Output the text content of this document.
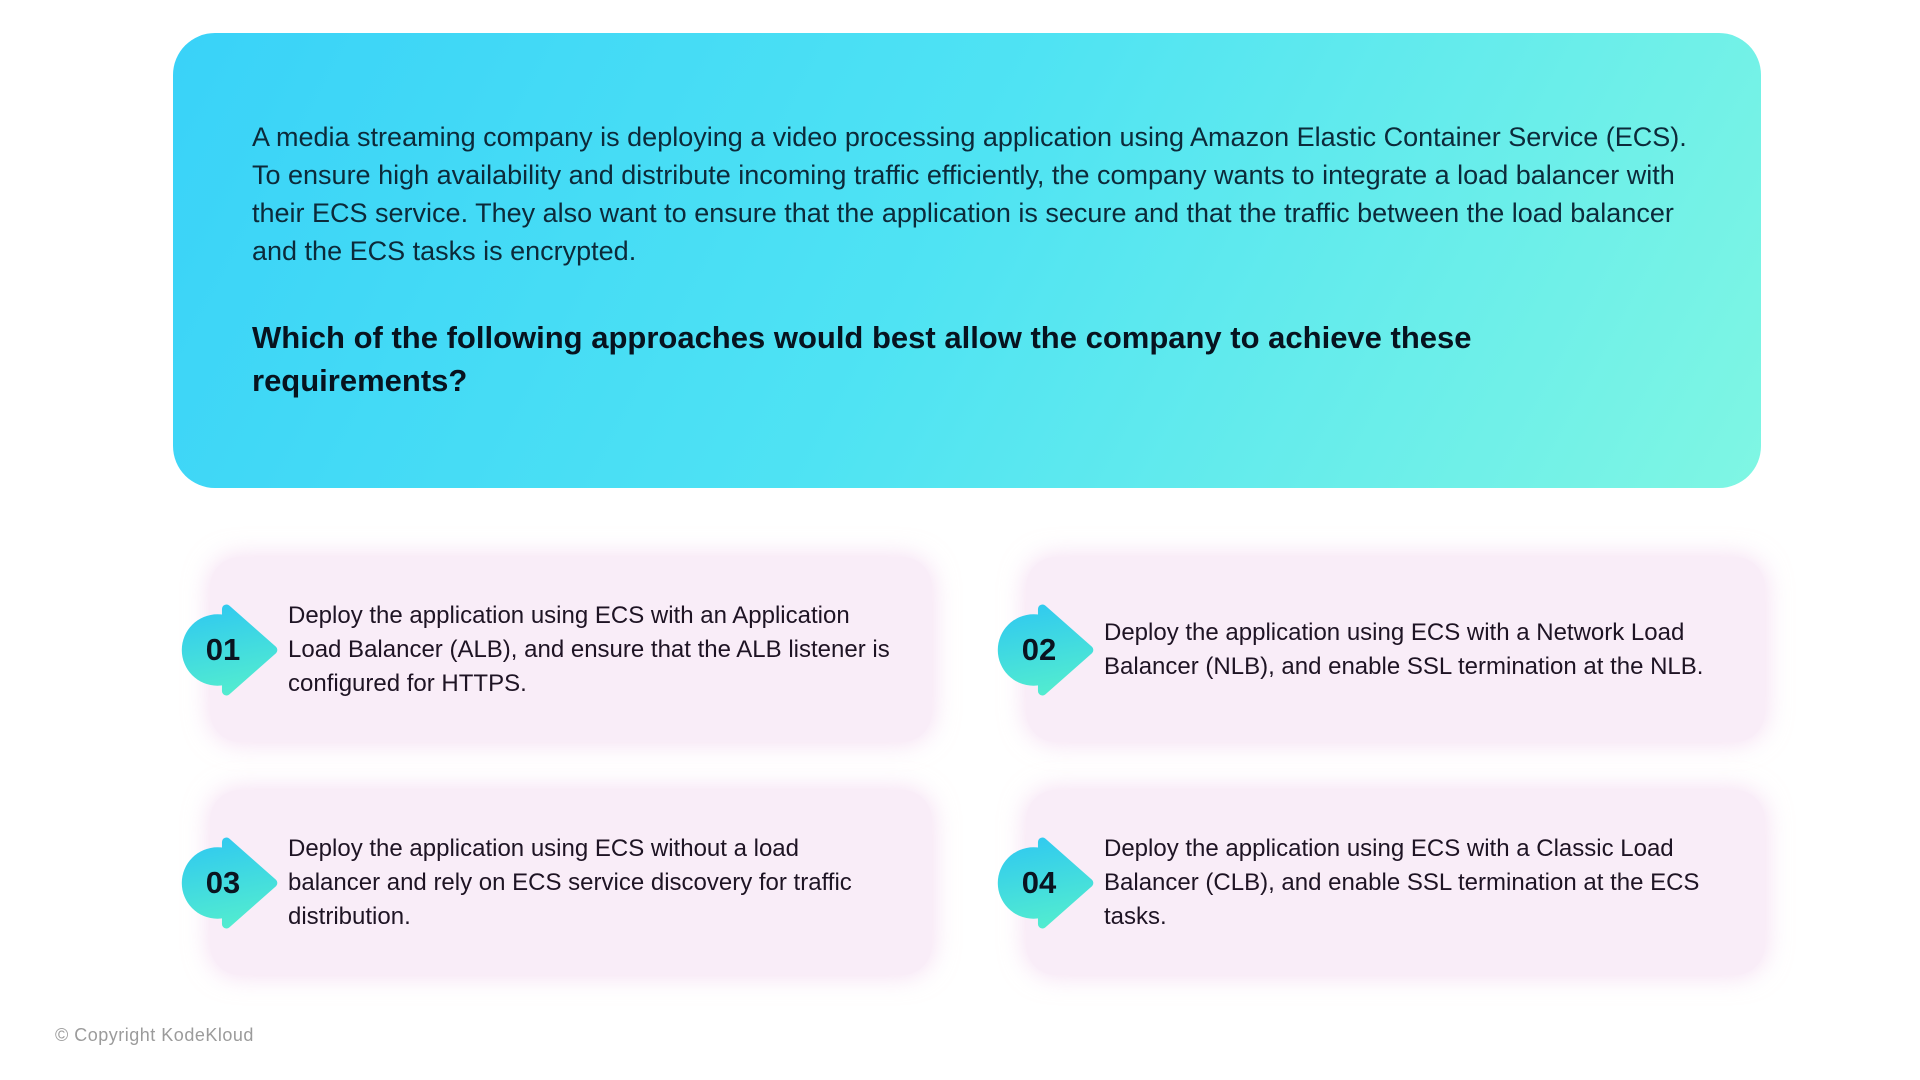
A media streaming company is deploying a video processing application using Amazon Elastic Container Service (ECS). To ensure high availability and distribute incoming traffic efficiently, the company wants to integrate a load balancer with their ECS service. They also want to ensure that the application is secure and that the traffic between the load balancer and the ECS tasks is encrypted.

Which of the following approaches would best allow the company to achieve these requirements?
01

Deploy the application using ECS with an Application Load Balancer (ALB), and ensure that the ALB listener is configured for HTTPS.

02	Deploy the application using ECS with a Network Load Balancer (NLB), and enable SSL termination at the NLB.

03

Deploy the application using ECS without a load balancer and rely on ECS service discovery for traffic distribution.

04

Deploy the application using ECS with a Classic Load Balancer (CLB), and enable SSL termination at the ECS tasks.

© Copyright KodeKloud
